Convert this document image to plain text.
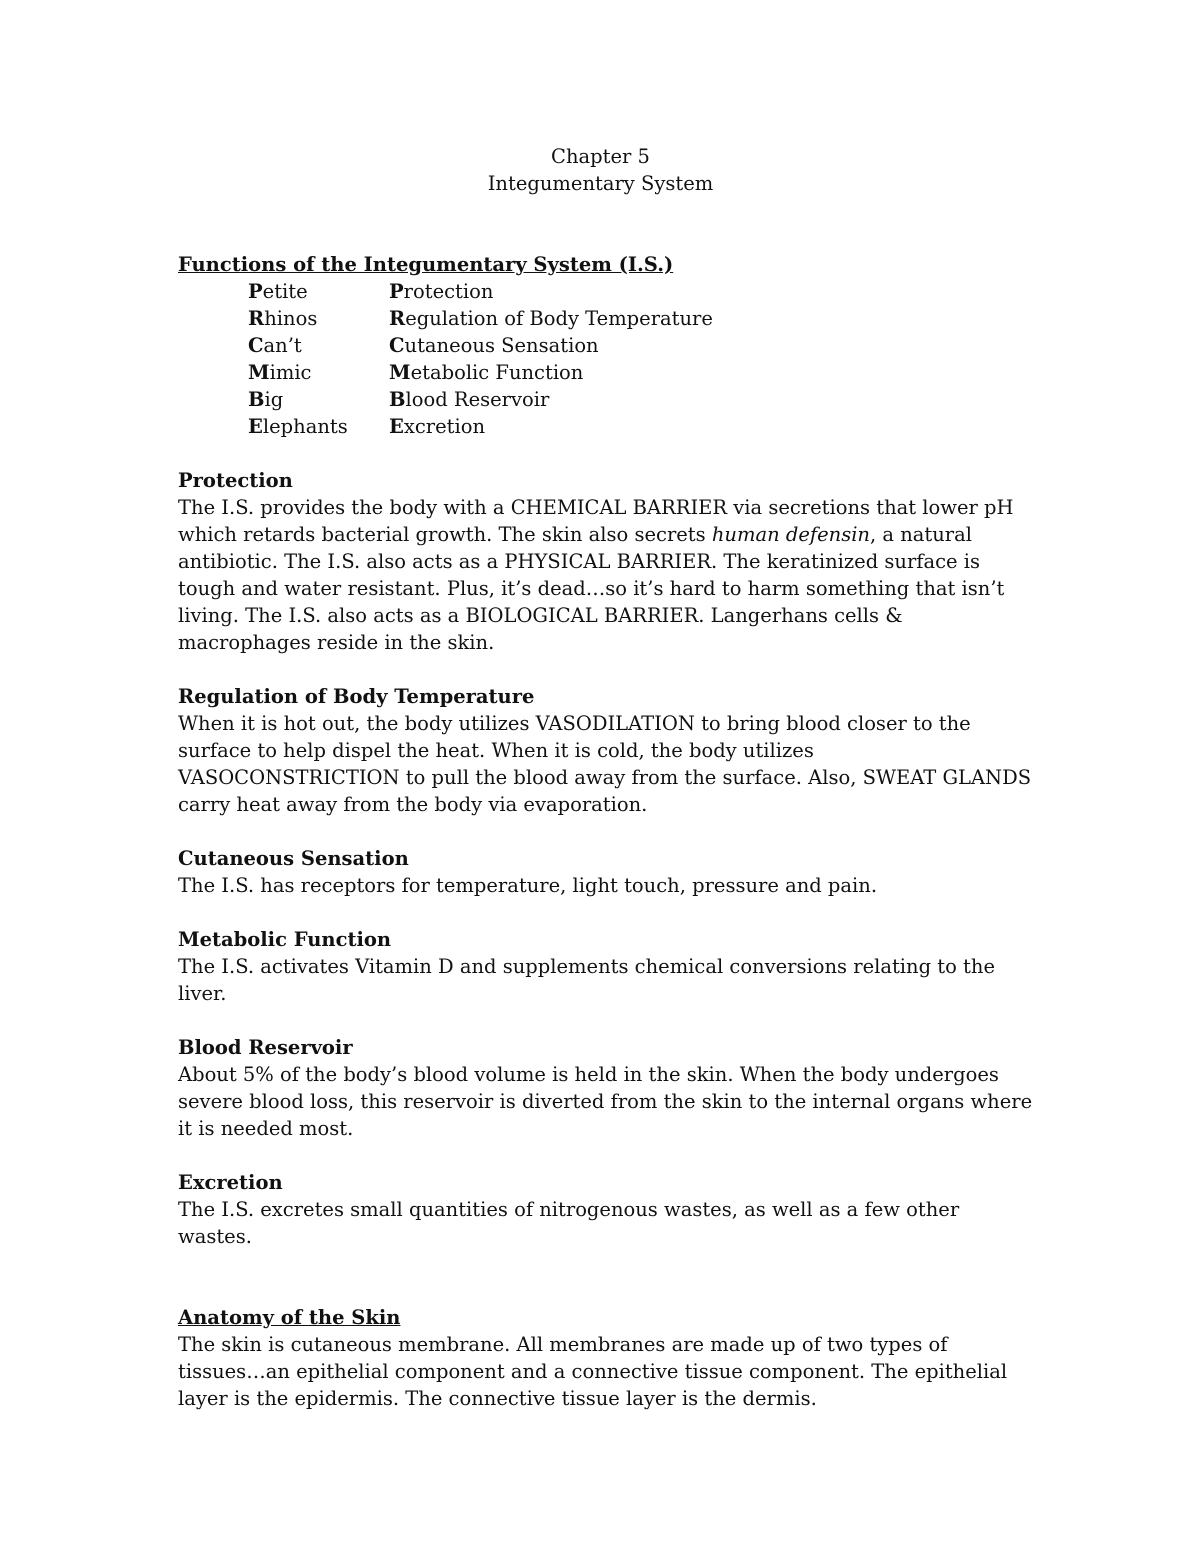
Chapter 5
Integumentary System
Functions of the Integumentary System (I.S.)
Petite	Protection
Rhinos	Regulation of Body Temperature
Can’t	Cutaneous Sensation
Mimic	Metabolic Function
Big	Blood Reservoir
Elephants	Excretion

Protection

The I.S. provides the body with a CHEMICAL BARRIER via secretions that lower pH which retards bacterial growth. The skin also secrets human defensin, a natural antibiotic. The I.S. also acts as a PHYSICAL BARRIER. The keratinized surface is tough and water resistant. Plus, it’s dead…so it’s hard to harm something that isn’t living. The I.S. also acts as a BIOLOGICAL BARRIER. Langerhans cells & macrophages reside in the skin.

Regulation of Body Temperature

When it is hot out, the body utilizes VASODILATION to bring blood closer to the surface to help dispel the heat. When it is cold, the body utilizes VASOCONSTRICTION to pull the blood away from the surface. Also, SWEAT GLANDS carry heat away from the body via evaporation.

Cutaneous Sensation

The I.S. has receptors for temperature, light touch, pressure and pain.

Metabolic Function

The I.S. activates Vitamin D and supplements chemical conversions relating to the liver.

Blood Reservoir

About 5% of the body’s blood volume is held in the skin. When the body undergoes severe blood loss, this reservoir is diverted from the skin to the internal organs where it is needed most.

Excretion

The I.S. excretes small quantities of nitrogenous wastes, as well as a few other wastes.

Anatomy of the Skin

The skin is cutaneous membrane. All membranes are made up of two types of
tissues…an epithelial component and a connective tissue component. The epithelial layer is the epidermis. The connective tissue layer is the dermis.
